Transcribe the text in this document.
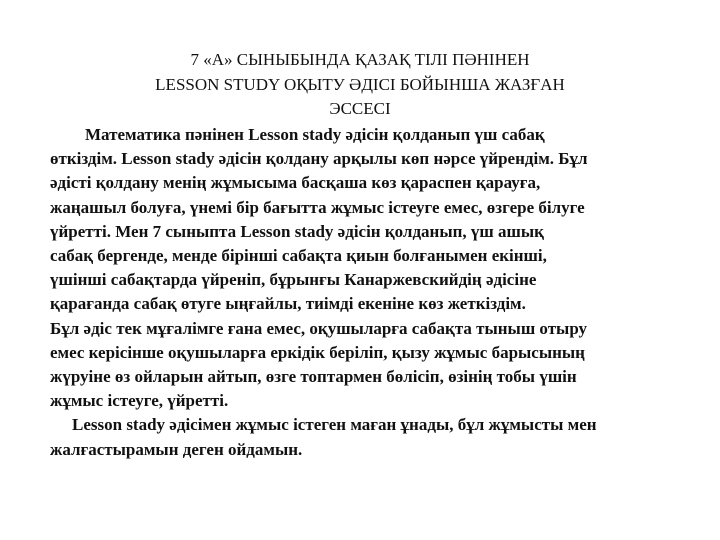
7 «А» СЫНЫБЫНДА ҚАЗАҚ ТІЛІ ПӘНІНЕН
LESSON STUDY ОҚЫТУ ӘДІСІ БОЙЫНША ЖАЗҒАН
ЭССЕСІ
Математика пәнінен Lesson stady әдісін қолданып үш сабақ
өткіздім. Lesson stady әдісін қолдану арқылы көп нәрсе үйрендім. Бұл
әдісті қолдану менің жұмысыма басқаша көз қараспен қарауға,
жаңашыл болуға, үнемі бір бағытта жұмыс істеуге емес, өзгере білуге
үйретті. Мен 7 сыныпта Lesson stady әдісін қолданып, үш ашық
сабақ бергенде, менде бірінші сабақта қиын болғанымен екінші,
үшінші сабақтарда үйреніп, бұрынғы Канаржевскийдің әдісіне
қарағанда сабақ өтуге ыңғайлы, тиімді екеніне көз жеткіздім.
Бұл әдіс тек мұғалімге ғана емес, оқушыларға сабақта тыныш отыру
емес керісінше оқушыларға еркідік берiлiп, қызу жұмыс барысының
жүруіне өз ойларын айтып, өзге топтармен бөлісіп, өзінің тобы үшін
жұмыс істеуге, үйретті.
Lesson stady әдісімен жұмыс істеген маған ұнады, бұл жұмысты мен
жалғастырамын деген ойдамын.
